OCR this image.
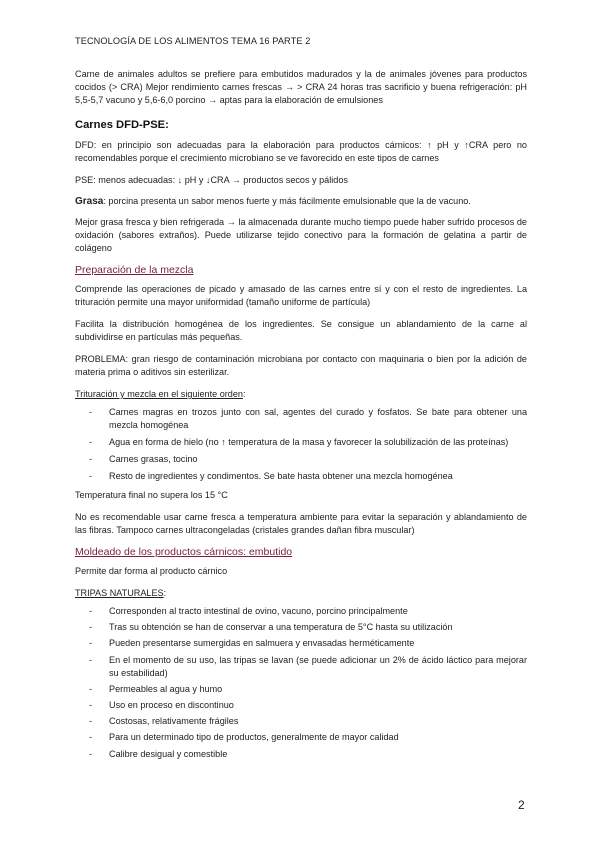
TECNOLOGÍA DE LOS ALIMENTOS TEMA 16 PARTE 2

Carne de animales adultos se prefiere para embutidos madurados y la de animales jóvenes para productos cocidos (> CRA) Mejor rendimiento carnes frescas → > CRA 24 horas tras sacrificio y buena refrigeración: pH 5,5-5,7 vacuno y 5,6-6,0 porcino → aptas para la elaboración de emulsiones

Carnes DFD-PSE:

DFD: en principio son adecuadas para la elaboración para productos cárnicos: ↑ pH y ↑CRA pero no recomendables porque el crecimiento microbiano se ve favorecido en este tipos de carnes

PSE: menos adecuadas: ↓ pH y ↓CRA → productos secos y pálidos

Grasa: porcina presenta un sabor menos fuerte y más fácilmente emulsionable que la de vacuno.

Mejor grasa fresca y bien refrigerada → la almacenada durante mucho tiempo puede haber sufrido procesos de oxidación (sabores extraños). Puede utilizarse tejido conectivo para la formación de gelatina a partir de colágeno

Preparación de la mezcla

Comprende las operaciones de picado y amasado de las carnes entre sí y con el resto de ingredientes. La trituración permite una mayor uniformidad (tamaño uniforme de partícula)

Facilita la distribución homogénea de los ingredientes. Se consigue un ablandamiento de la carne al subdividirse en partículas más pequeñas.

PROBLEMA: gran riesgo de contaminación microbiana por contacto con maquinaria o bien por la adición de materia prima o aditivos sin esterilizar.

Trituración y mezcla en el siguiente orden:

- Carnes magras en trozos junto con sal, agentes del curado y fosfatos. Se bate para obtener una mezcla homogénea
- Agua en forma de hielo (no ↑ temperatura de la masa y favorecer la solubilización de las proteínas)
- Carnes grasas, tocino
- Resto de ingredientes y condimentos. Se bate hasta obtener una mezcla homogénea

Temperatura final no supera los 15 °C

No es recomendable usar carne fresca a temperatura ambiente para evitar la separación y ablandamiento de las fibras. Tampoco carnes ultracongeladas (cristales grandes dañan fibra muscular)

Moldeado de los productos cárnicos: embutido

Permite dar forma al producto cárnico

TRIPAS NATURALES:

- Corresponden al tracto intestinal de ovino, vacuno, porcino principalmente
- Tras su obtención se han de conservar a una temperatura de 5°C hasta su utilización
- Pueden presentarse sumergidas en salmuera y envasadas herméticamente
- En el momento de su uso, las tripas se lavan (se puede adicionar un 2% de ácido láctico para mejorar su estabilidad)
- Permeables al agua y humo
- Uso en proceso en discontinuo
- Costosas, relativamente frágiles
- Para un determinado tipo de productos, generalmente de mayor calidad
- Calibre desigual y comestible
2
